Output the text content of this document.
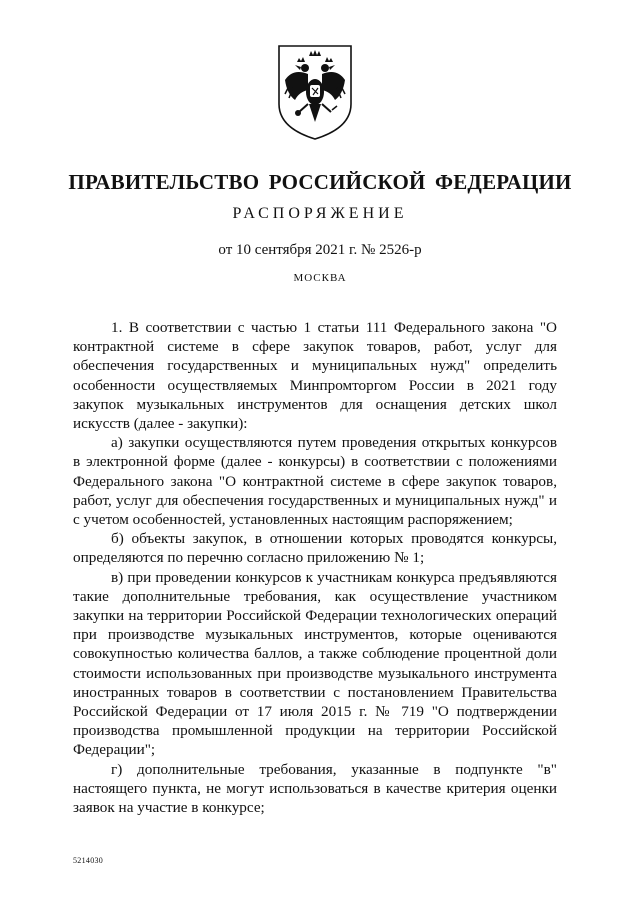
ПРАВИТЕЛЬСТВО РОССИЙСКОЙ ФЕДЕРАЦИИ
РАСПОРЯЖЕНИЕ
от 10 сентября 2021 г. № 2526-р
МОСКВА

1. В соответствии с частью 1 статьи 111 Федерального закона "О контрактной системе в сфере закупок товаров, работ, услуг для обеспечения государственных и муниципальных нужд" определить особенности осуществляемых Минпромторгом России в 2021 году закупок музыкальных инструментов для оснащения детских школ искусств (далее - закупки):

а) закупки осуществляются путем проведения открытых конкурсов в электронной форме (далее - конкурсы) в соответствии с положениями Федерального закона "О контрактной системе в сфере закупок товаров, работ, услуг для обеспечения государственных и муниципальных нужд" и с учетом особенностей, установленных настоящим распоряжением;

б) объекты закупок, в отношении которых проводятся конкурсы, определяются по перечню согласно приложению № 1;

в) при проведении конкурсов к участникам конкурса предъявляются такие дополнительные требования, как осуществление участником закупки на территории Российской Федерации технологических операций при производстве музыкальных инструментов, которые оцениваются совокупностью количества баллов, а также соблюдение процентной доли стоимости использованных при производстве музыкального инструмента иностранных товаров в соответствии с постановлением Правительства Российской Федерации от 17 июля 2015 г. № 719 "О подтверждении производства промышленной продукции на территории Российской Федерации";

г) дополнительные требования, указанные в подпункте "в" настоящего пункта, не могут использоваться в качестве критерия оценки заявок на участие в конкурсе;

5214030
